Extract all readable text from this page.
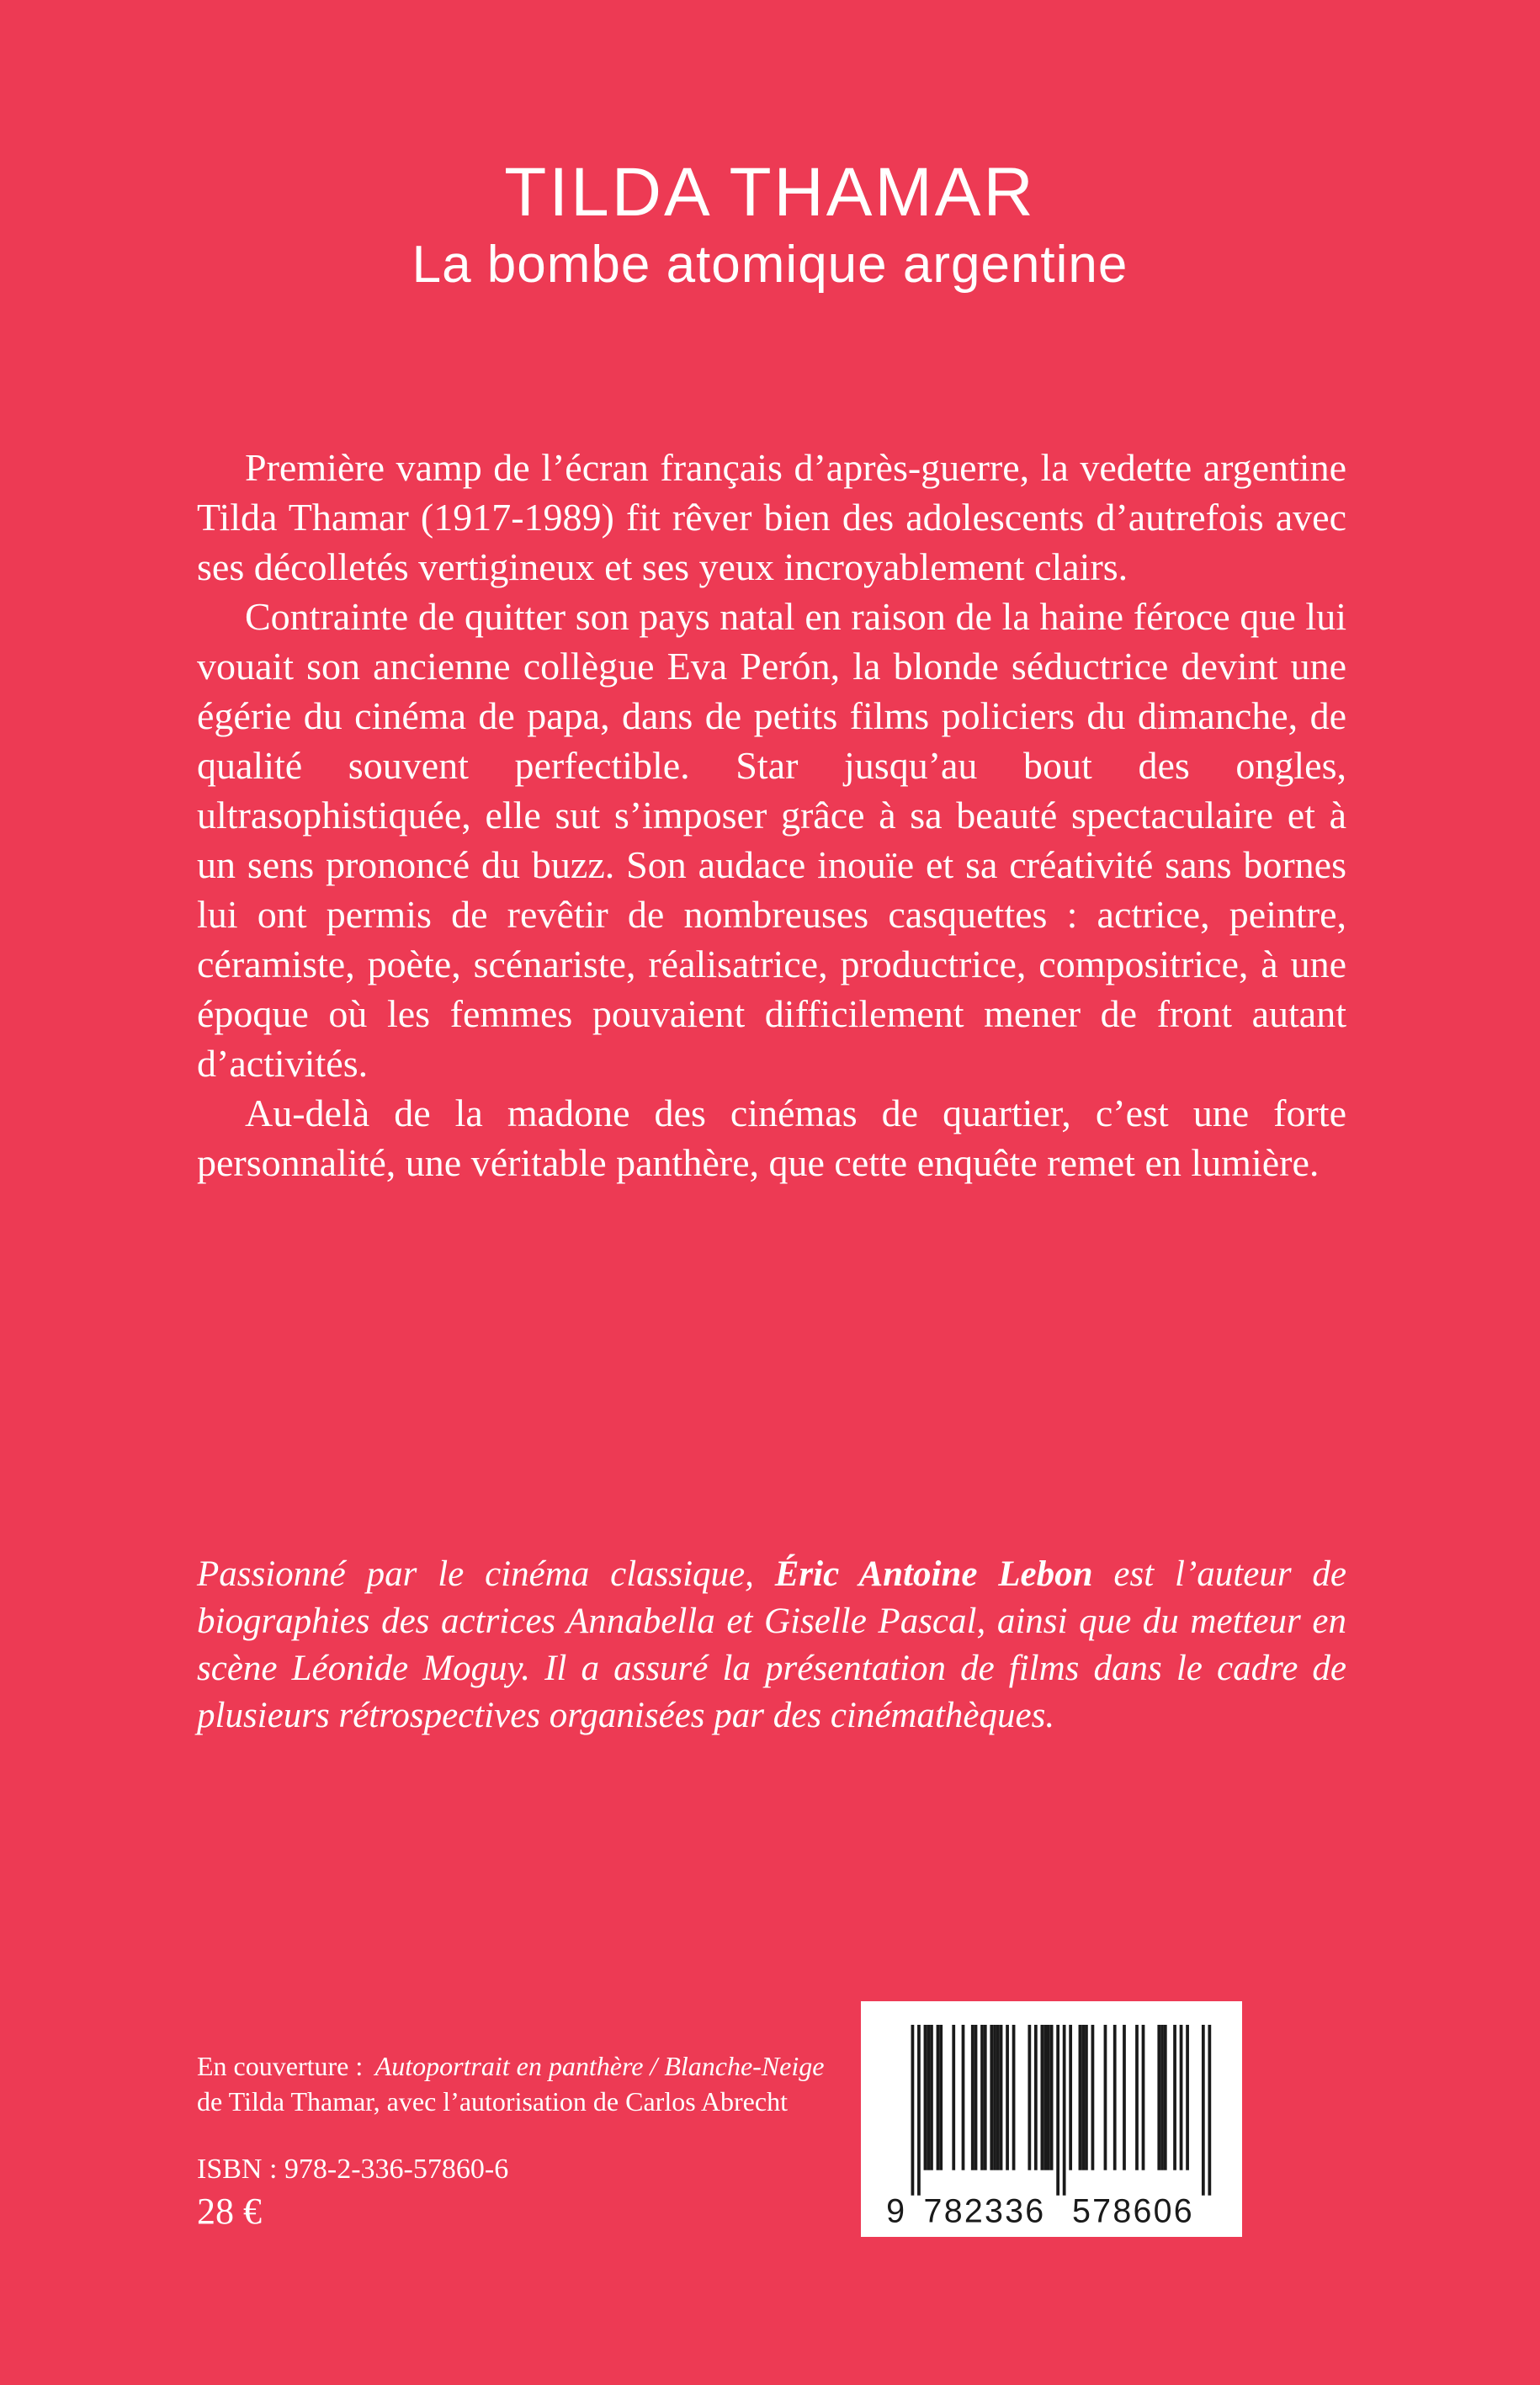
TILDA THAMAR
La bombe atomique argentine

Première vamp de l’écran français d’après-guerre, la vedette argentine Tilda Thamar (1917-1989) fit rêver bien des adolescents d’autrefois avec ses décolletés vertigineux et ses yeux incroyablement clairs.

Contrainte de quitter son pays natal en raison de la haine féroce que lui vouait son ancienne collègue Eva Perón, la blonde séductrice devint une égérie du cinéma de papa, dans de petits films policiers du dimanche, de qualité souvent perfectible. Star jusqu’au bout des ongles, ultrasophistiquée, elle sut s’imposer grâce à sa beauté spectaculaire et à un sens prononcé du buzz. Son audace inouïe et sa créativité sans bornes lui ont permis de revêtir de nombreuses casquettes : actrice, peintre, céramiste, poète, scénariste, réalisatrice, productrice, compositrice, à une époque où les femmes pouvaient difficilement mener de front autant d’activités.

Au-delà de la madone des cinémas de quartier, c’est une forte personnalité, une véritable panthère, que cette enquête remet en lumière.

Passionné par le cinéma classique, Éric Antoine Lebon est l’auteur de biographies des actrices Annabella et Giselle Pascal, ainsi que du metteur en scène Léonide Moguy. Il a assuré la présentation de films dans le cadre de plusieurs rétrospectives organisées par des cinémathèques.
En couverture : Autoportrait en panthère / Blanche-Neige
de Tilda Thamar, avec l’autorisation de Carlos Abrecht
ISBN : 978-2-336-57860-6
28 €	9 782336	578606
